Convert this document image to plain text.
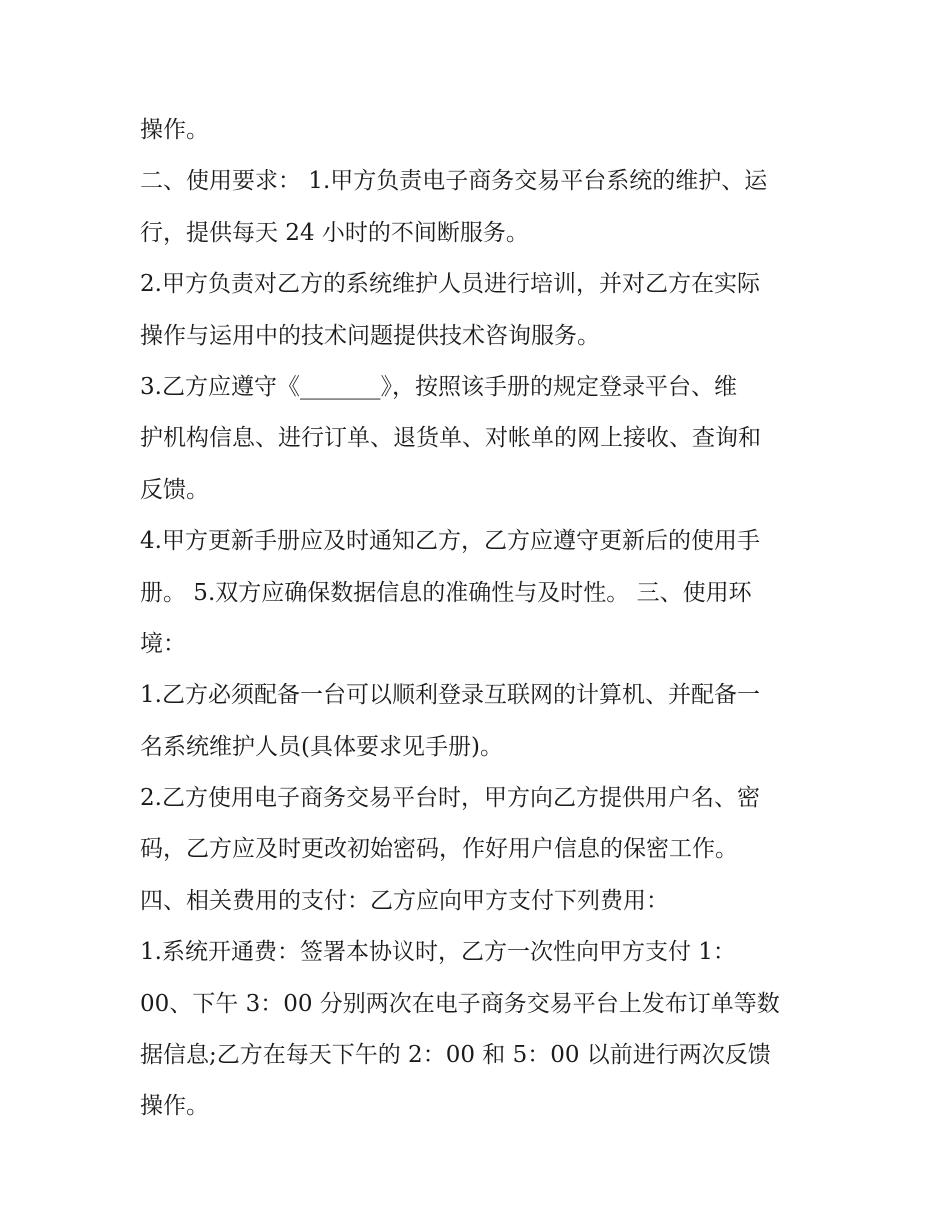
操作。
二、使用要求： 1.甲方负责电子商务交易平台系统的维护、运
行，提供每天 24 小时的不间断服务。
2.甲方负责对乙方的系统维护人员进行培训，并对乙方在实际
操作与运用中的技术问题提供技术咨询服务。
3.乙方应遵守《_______》，按照该手册的规定登录平台、维
护机构信息、进行订单、退货单、对帐单的网上接收、查询和
反馈。
4.甲方更新手册应及时通知乙方，乙方应遵守更新后的使用手
册。 5.双方应确保数据信息的准确性与及时性。 三、使用环
境：
1.乙方必须配备一台可以顺利登录互联网的计算机、并配备一
名系统维护人员(具体要求见手册)。
2.乙方使用电子商务交易平台时，甲方向乙方提供用户名、密
码，乙方应及时更改初始密码，作好用户信息的保密工作。
四、相关费用的支付：乙方应向甲方支付下列费用：
1.系统开通费：签署本协议时，乙方一次性向甲方支付 1：
00、下午 3：00 分别两次在电子商务交易平台上发布订单等数
据信息;乙方在每天下午的 2：00 和 5：00 以前进行两次反馈
操作。
